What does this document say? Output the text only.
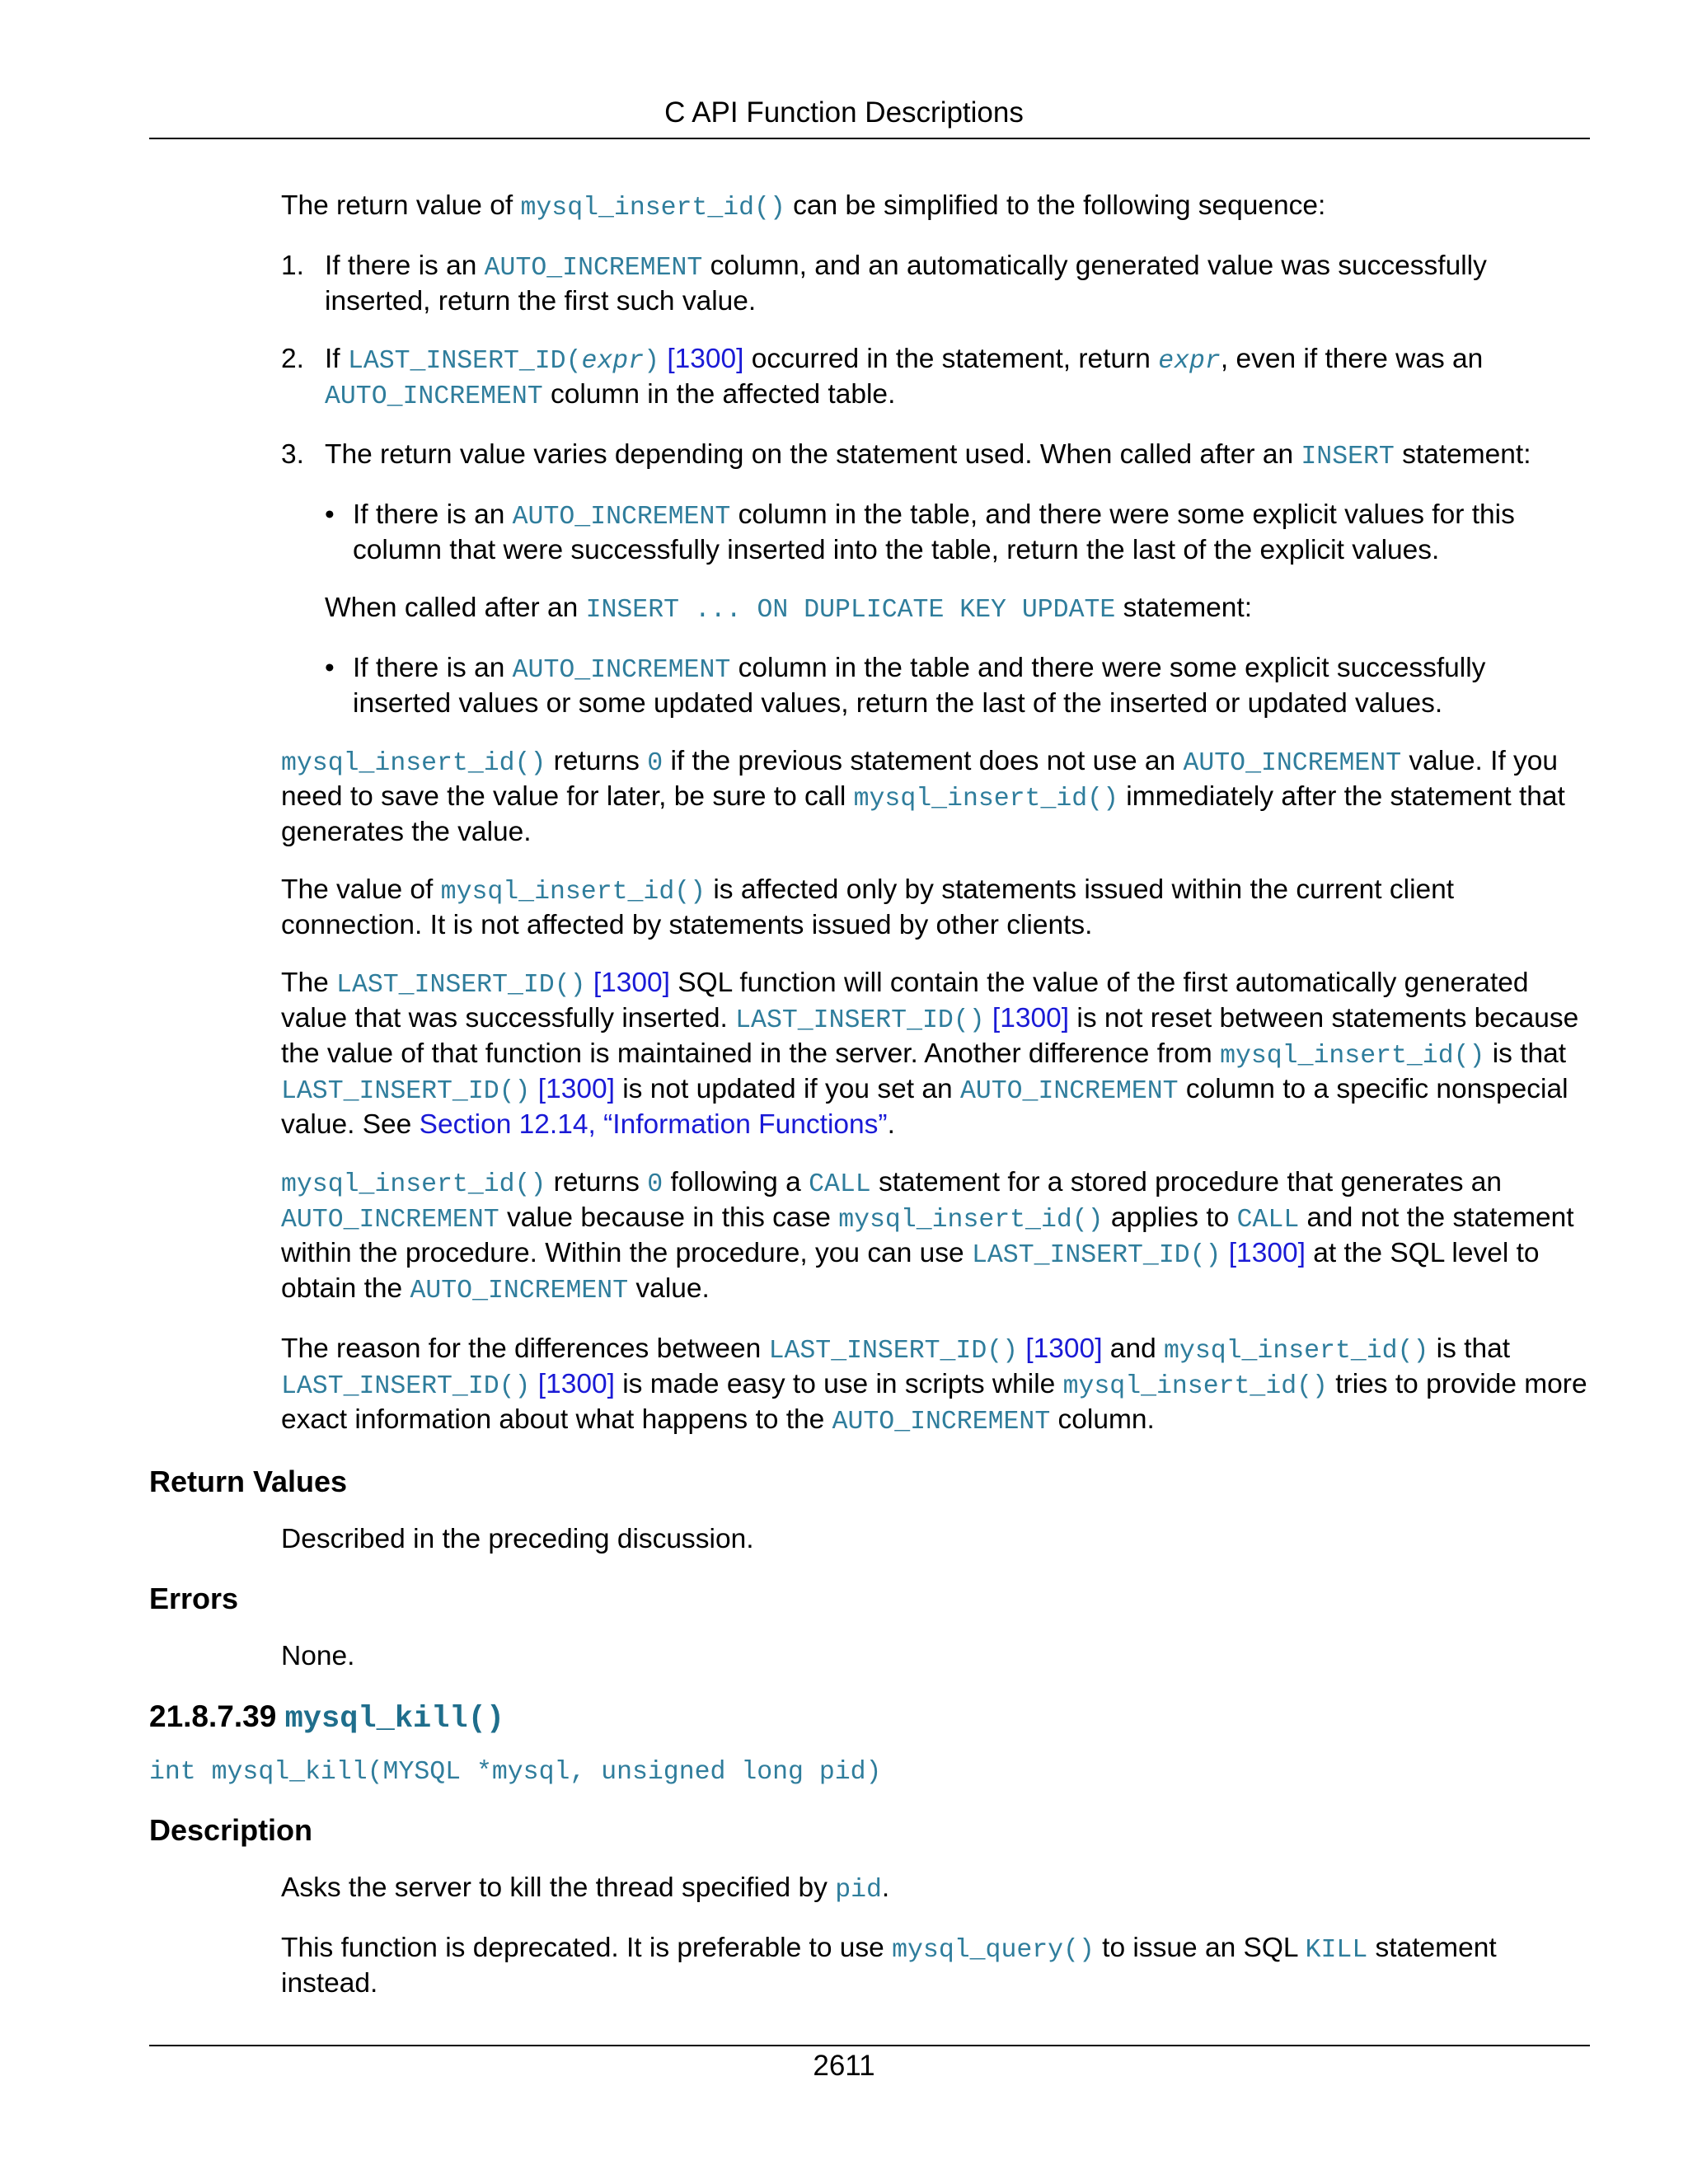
C API Function Descriptions

The return value of mysql_insert_id() can be simplified to the following sequence:

1. If there is an AUTO_INCREMENT column, and an automatically generated value was successfully inserted, return the first such value.
2. If LAST_INSERT_ID(expr) [1300] occurred in the statement, return expr, even if there was an AUTO_INCREMENT column in the affected table.
3. The return value varies depending on the statement used. When called after an INSERT statement:
• If there is an AUTO_INCREMENT column in the table, and there were some explicit values for this column that were successfully inserted into the table, return the last of the explicit values.
When called after an INSERT ... ON DUPLICATE KEY UPDATE statement:
• If there is an AUTO_INCREMENT column in the table and there were some explicit successfully inserted values or some updated values, return the last of the inserted or updated values.

mysql_insert_id() returns 0 if the previous statement does not use an AUTO_INCREMENT value. If you need to save the value for later, be sure to call mysql_insert_id() immediately after the statement that generates the value.

The value of mysql_insert_id() is affected only by statements issued within the current client connection. It is not affected by statements issued by other clients.

The LAST_INSERT_ID() [1300] SQL function will contain the value of the first automatically generated value that was successfully inserted. LAST_INSERT_ID() [1300] is not reset between statements because the value of that function is maintained in the server. Another difference from mysql_insert_id() is that LAST_INSERT_ID() [1300] is not updated if you set an AUTO_INCREMENT column to a specific nonspecial value. See Section 12.14, “Information Functions”.

mysql_insert_id() returns 0 following a CALL statement for a stored procedure that generates an AUTO_INCREMENT value because in this case mysql_insert_id() applies to CALL and not the statement within the procedure. Within the procedure, you can use LAST_INSERT_ID() [1300] at the SQL level to obtain the AUTO_INCREMENT value.

The reason for the differences between LAST_INSERT_ID() [1300] and mysql_insert_id() is that LAST_INSERT_ID() [1300] is made easy to use in scripts while mysql_insert_id() tries to provide more exact information about what happens to the AUTO_INCREMENT column.

Return Values

Described in the preceding discussion.

Errors

None.

21.8.7.39 mysql_kill()
int mysql_kill(MYSQL *mysql, unsigned long pid)
Description

Asks the server to kill the thread specified by pid.

This function is deprecated. It is preferable to use mysql_query() to issue an SQL KILL statement instead.

2611
